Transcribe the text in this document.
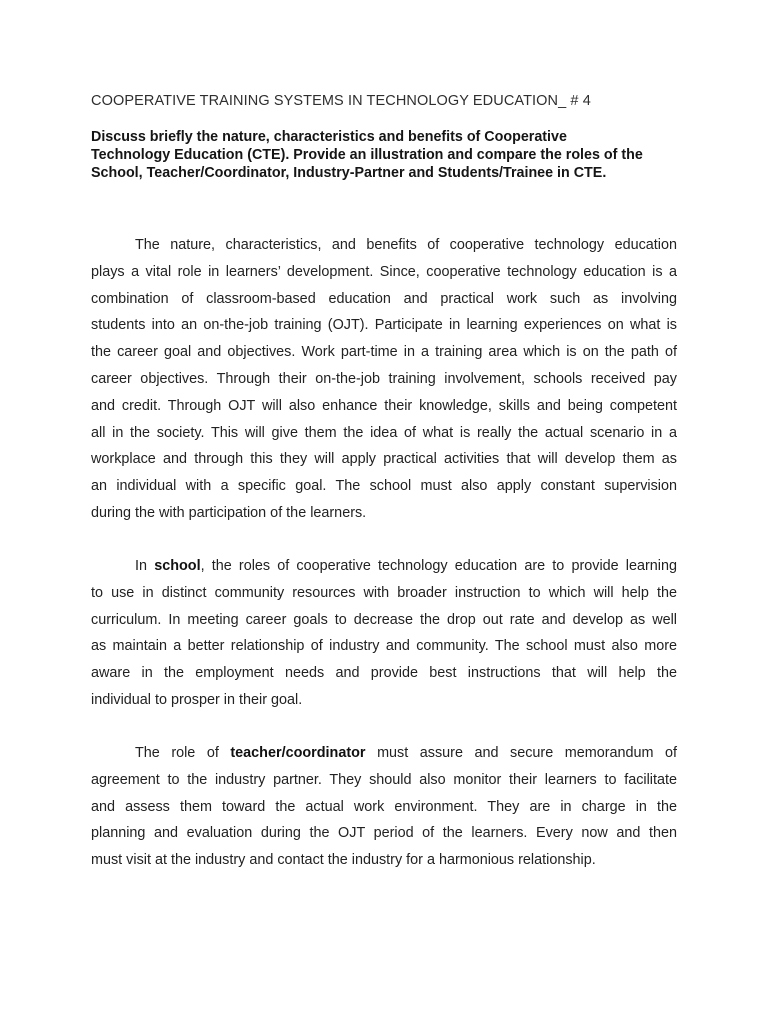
COOPERATIVE TRAINING SYSTEMS IN TECHNOLOGY EDUCATION_ # 4
Discuss briefly the nature, characteristics and benefits of Cooperative
Technology Education (CTE). Provide an illustration and compare the roles of the
School, Teacher/Coordinator, Industry-Partner and Students/Trainee in CTE.
The nature, characteristics, and benefits of cooperative technology education
plays a vital role in learners’ development. Since, cooperative technology education is a
combination of classroom-based education and practical work such as involving
students into an on-the-job training (OJT). Participate in learning experiences on what is
the career goal and objectives. Work part-time in a training area which is on the path of
career objectives. Through their on-the-job training involvement, schools received pay
and credit. Through OJT will also enhance their knowledge, skills and being competent
all in the society. This will give them the idea of what is really the actual scenario in a
workplace and through this they will apply practical activities that will develop them as
an individual with a specific goal. The school must also apply constant supervision
during the with participation of the learners.
In school, the roles of cooperative technology education are to provide learning
to use in distinct community resources with broader instruction to which will help the
curriculum. In meeting career goals to decrease the drop out rate and develop as well
as maintain a better relationship of industry and community. The school must also more
aware in the employment needs and provide best instructions that will help the
individual to prosper in their goal.
The role of teacher/coordinator must assure and secure memorandum of
agreement to the industry partner. They should also monitor their learners to facilitate
and assess them toward the actual work environment. They are in charge in the
planning and evaluation during the OJT period of the learners. Every now and then
must visit at the industry and contact the industry for a harmonious relationship.
